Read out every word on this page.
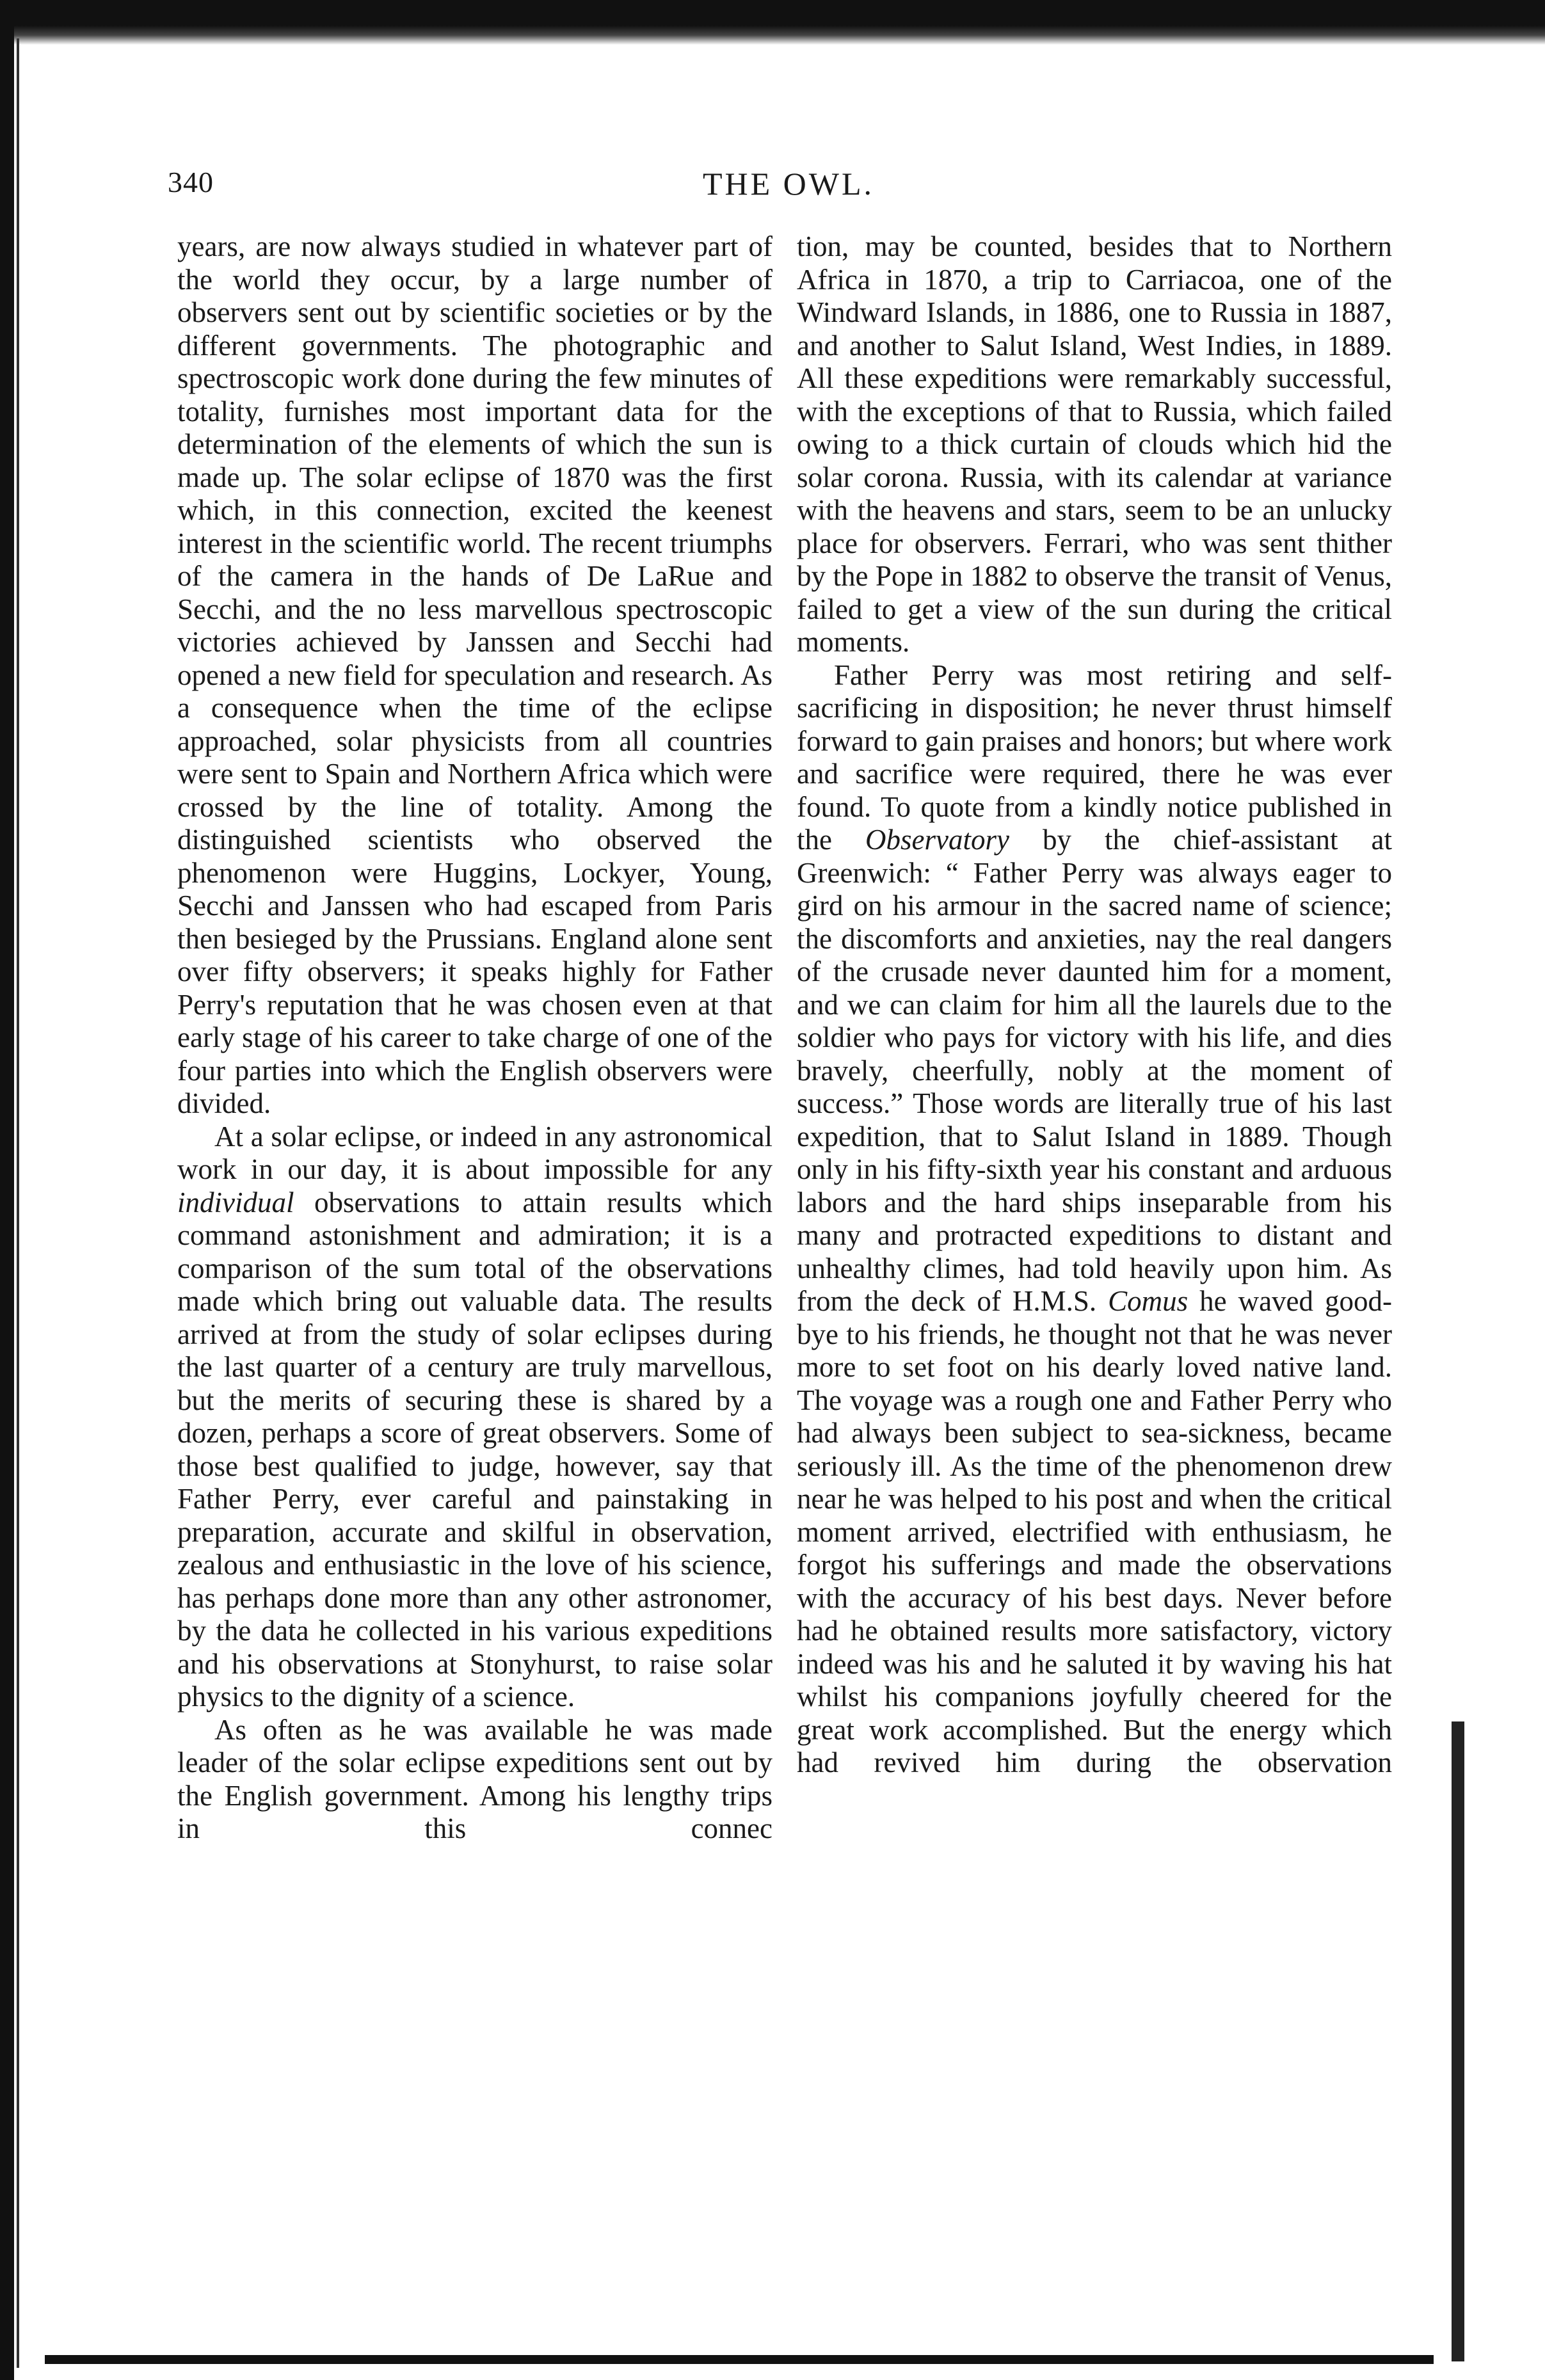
340	THE OWL.

years, are now always studied in whatever part of the world they occur, by a large number of observers sent out by scientific societies or by the different governments. The photographic and spectroscopic work done during the few minutes of totality, furnishes most important data for the determination of the elements of which the sun is made up. The solar eclipse of 1870 was the first which, in this connection, excited the keenest interest in the scientific world. The recent triumphs of the camera in the hands of De LaRue and Secchi, and the no less marvellous spectroscopic victories achieved by Janssen and Secchi had opened a new field for speculation and research. As a consequence when the time of the eclipse approached, solar physicists from all countries were sent to Spain and Northern Africa which were crossed by the line of totality. Among the distinguished scientists who observed the phenomenon were Huggins, Lockyer, Young, Secchi and Janssen who had escaped from Paris then besieged by the Prussians. England alone sent over fifty observers; it speaks highly for Father Perry's reputation that he was chosen even at that early stage of his career to take charge of one of the four parties into which the English observers were divided.

At a solar eclipse, or indeed in any astronomical work in our day, it is about impossible for any individual observations to attain results which command astonishment and admiration; it is a comparison of the sum total of the observations made which bring out valuable data. The results arrived at from the study of solar eclipses during the last quarter of a century are truly marvellous, but the merits of securing these is shared by a dozen, perhaps a score of great observers. Some of those best qualified to judge, however, say that Father Perry, ever careful and painstaking in preparation, accurate and skilful in observation, zealous and enthusiastic in the love of his science, has perhaps done more than any other astronomer, by the data he collected in his various expeditions and his observations at Stonyhurst, to raise solar physics to the dignity of a science.

As often as he was available he was made leader of the solar eclipse expeditions sent out by the English government. Among his lengthy trips in this connec

tion, may be counted, besides that to Northern Africa in 1870, a trip to Carriacoa, one of the Windward Islands, in 1886, one to Russia in 1887, and another to Salut Island, West Indies, in 1889. All these expeditions were remarkably successful, with the exceptions of that to Russia, which failed owing to a thick curtain of clouds which hid the solar corona. Russia, with its calendar at variance with the heavens and stars, seem to be an unlucky place for observers. Ferrari, who was sent thither by the Pope in 1882 to observe the transit of Venus, failed to get a view of the sun during the critical moments.

Father Perry was most retiring and self-sacrificing in disposition; he never thrust himself forward to gain praises and honors; but where work and sacrifice were required, there he was ever found. To quote from a kindly notice published in the Observatory by the chief-assistant at Greenwich: “ Father Perry was always eager to gird on his armour in the sacred name of science; the discomforts and anxieties, nay the real dangers of the crusade never daunted him for a moment, and we can claim for him all the laurels due to the soldier who pays for victory with his life, and dies bravely, cheerfully, nobly at the moment of success.” Those words are literally true of his last expedition, that to Salut Island in 1889. Though only in his fifty-sixth year his constant and arduous labors and the hard ships inseparable from his many and protracted expeditions to distant and unhealthy climes, had told heavily upon him. As from the deck of H.M.S. Comus he waved good-bye to his friends, he thought not that he was never more to set foot on his dearly loved native land. The voyage was a rough one and Father Perry who had always been subject to sea-sickness, became seriously ill. As the time of the phenomenon drew near he was helped to his post and when the critical moment arrived, electrified with enthusiasm, he forgot his sufferings and made the observations with the accuracy of his best days. Never before had he obtained results more satisfactory, victory indeed was his and he saluted it by waving his hat whilst his companions joyfully cheered for the great work accomplished. But the energy which had revived him during the observation
